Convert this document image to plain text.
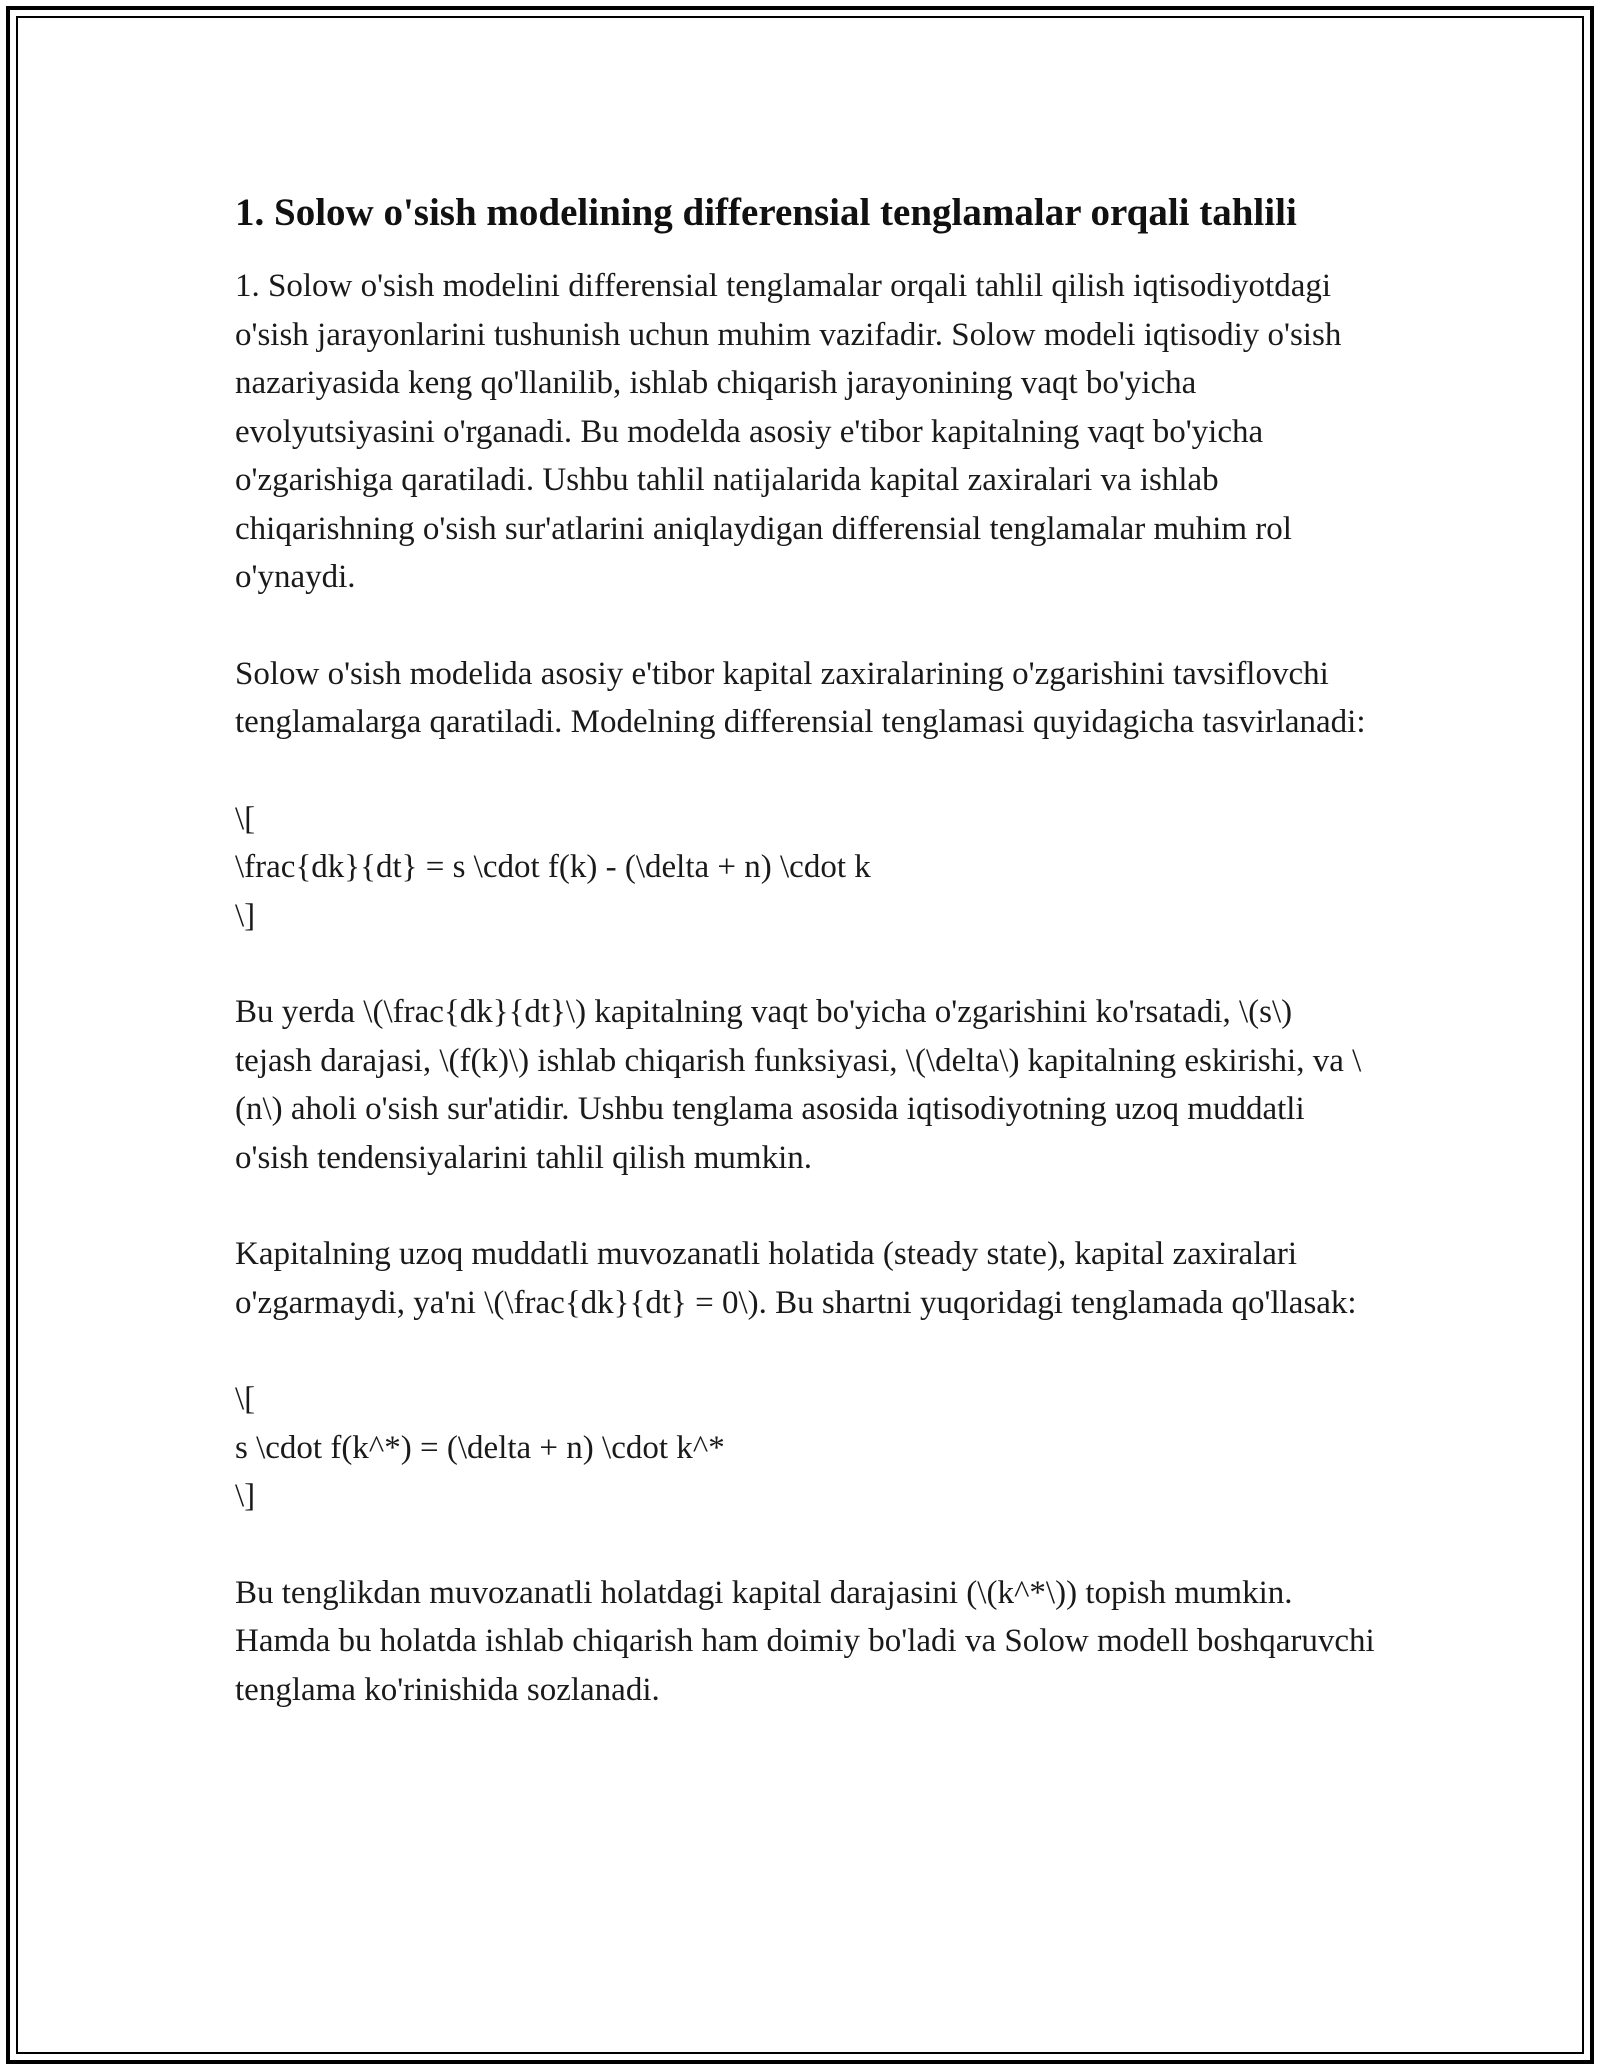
1. Solow o'sish modelining differensial tenglamalar orqali tahlili

1. Solow o'sish modelini differensial tenglamalar orqali tahlil qilish iqtisodiyotdagi o'sish jarayonlarini tushunish uchun muhim vazifadir. Solow modeli iqtisodiy o'sish nazariyasida keng qo'llanilib, ishlab chiqarish jarayonining vaqt bo'yicha evolyutsiyasini o'rganadi. Bu modelda asosiy e'tibor kapitalning vaqt bo'yicha o'zgarishiga qaratiladi. Ushbu tahlil natijalarida kapital zaxiralari va ishlab chiqarishning o'sish sur'atlarini aniqlaydigan differensial tenglamalar muhim rol o'ynaydi.

Solow o'sish modelida asosiy e'tibor kapital zaxiralarining o'zgarishini tavsiflovchi tenglamalarga qaratiladi. Modelning differensial tenglamasi quyidagicha tasvirlanadi:

\[
\frac{dk}{dt} = s \cdot f(k) - (\delta + n) \cdot k
\]

Bu yerda \(\frac{dk}{dt}\) kapitalning vaqt bo'yicha o'zgarishini ko'rsatadi, \(s\) tejash darajasi, \(f(k)\) ishlab chiqarish funksiyasi, \(\delta\) kapitalning eskirishi, va \(n\) aholi o'sish sur'atidir. Ushbu tenglama asosida iqtisodiyotning uzoq muddatli o'sish tendensiyalarini tahlil qilish mumkin.

Kapitalning uzoq muddatli muvozanatli holatida (steady state), kapital zaxiralari o'zgarmaydi, ya'ni \(\frac{dk}{dt} = 0\). Bu shartni yuqoridagi tenglamada qo'llasak:

\[
s \cdot f(k^*) = (\delta + n) \cdot k^*
\]

Bu tenglikdan muvozanatli holatdagi kapital darajasini (\(k^*\)) topish mumkin. Hamda bu holatda ishlab chiqarish ham doimiy bo'ladi va Solow modell boshqaruvchi tenglama ko'rinishida sozlanadi.
